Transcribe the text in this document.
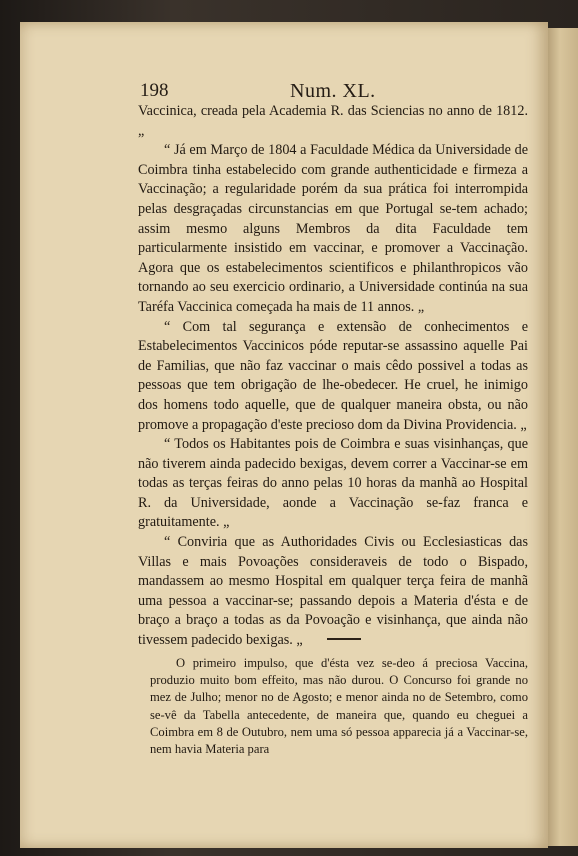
198	Num. XL.

Vaccinica, creada pela Academia R. das Sciencias no anno de 1812. „

“ Já em Março de 1804 a Faculdade Médica da Universidade de Coimbra tinha estabelecido com grande authenticidade e firmeza a Vaccinação; a regularidade porém da sua prática foi interrompida pelas desgraçadas circunstancias em que Portugal se-tem achado; assim mesmo alguns Membros da dita Faculdade tem particularmente insistido em vaccinar, e promover a Vaccinação. Agora que os estabelecimentos scientificos e philanthropicos vão tornando ao seu exercicio ordinario, a Universidade continúa na sua Taréfa Vaccinica começada ha mais de 11 annos. „

“ Com tal segurança e extensão de conhecimentos e Estabelecimentos Vaccinicos póde reputar-se assassino aquelle Pai de Familias, que não faz vaccinar o mais cêdo possivel a todas as pessoas que tem obrigação de lhe-obedecer. He cruel, he inimigo dos homens todo aquelle, que de qualquer maneira obsta, ou não promove a propagação d'este precioso dom da Divina Providencia. „

“ Todos os Habitantes pois de Coimbra e suas visinhanças, que não tiverem ainda padecido bexigas, devem correr a Vaccinar-se em todas as terças feiras do anno pelas 10 horas da manhã ao Hospital R. da Universidade, aonde a Vaccinação se-faz franca e gratuitamente. „

“ Conviria que as Authoridades Civis ou Ecclesiasticas das Villas e mais Povoações consideraveis de todo o Bispado, mandassem ao mesmo Hospital em qualquer terça feira de manhã uma pessoa a vaccinar-se; passando depois a Materia d'ésta e de braço a braço a todas as da Povoação e visinhança, que ainda não tivessem padecido bexigas. „

O primeiro impulso, que d'ésta vez se-deo á preciosa Vaccina, produzio muito bom effeito, mas não durou. O Concurso foi grande no mez de Julho; menor no de Agosto; e menor ainda no de Setembro, como se-vê da Tabella antecedente, de maneira que, quando eu cheguei a Coimbra em 8 de Outubro, nem uma só pessoa apparecia já a Vaccinar-se, nem havia Materia para
